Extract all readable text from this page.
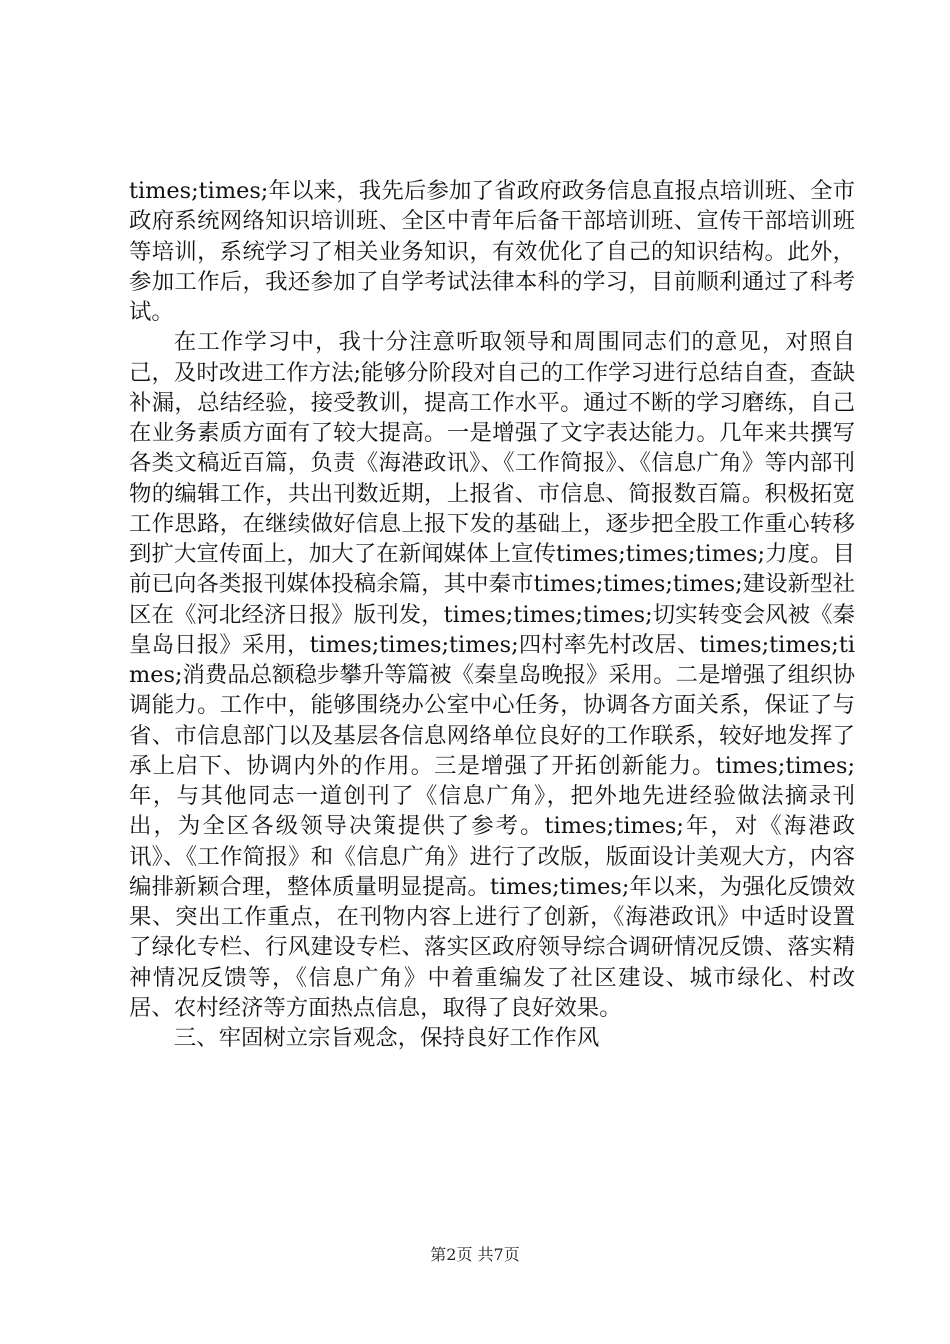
times;times;年以来，我先后参加了省政府政务信息直报点培训班、全市政府系统网络知识培训班、全区中青年后备干部培训班、宣传干部培训班等培训，系统学习了相关业务知识，有效优化了自己的知识结构。此外，参加工作后，我还参加了自学考试法律本科的学习，目前顺利通过了科考试。

在工作学习中，我十分注意听取领导和周围同志们的意见，对照自己，及时改进工作方法;能够分阶段对自己的工作学习进行总结自查，查缺补漏，总结经验，接受教训，提高工作水平。通过不断的学习磨练，自己在业务素质方面有了较大提高。一是增强了文字表达能力。几年来共撰写各类文稿近百篇，负责《海港政讯》、《工作简报》、《信息广角》等内部刊物的编辑工作，共出刊数近期，上报省、市信息、简报数百篇。积极拓宽工作思路，在继续做好信息上报下发的基础上，逐步把全股工作重心转移到扩大宣传面上，加大了在新闻媒体上宣传times;times;times;力度。目前已向各类报刊媒体投稿余篇，其中秦市times;times;times;建设新型社区在《河北经济日报》版刊发，times;times;times;切实转变会风被《秦皇岛日报》采用，times;times;times;四村率先村改居、times;times;times;消费品总额稳步攀升等篇被《秦皇岛晚报》采用。二是增强了组织协调能力。工作中，能够围绕办公室中心任务，协调各方面关系，保证了与省、市信息部门以及基层各信息网络单位良好的工作联系，较好地发挥了承上启下、协调内外的作用。三是增强了开拓创新能力。times;times;年，与其他同志一道创刊了《信息广角》，把外地先进经验做法摘录刊出，为全区各级领导决策提供了参考。times;times;年，对《海港政讯》、《工作简报》和《信息广角》进行了改版，版面设计美观大方，内容编排新颖合理，整体质量明显提高。times;times;年以来，为强化反馈效果、突出工作重点，在刊物内容上进行了创新，《海港政讯》中适时设置了绿化专栏、行风建设专栏、落实区政府领导综合调研情况反馈、落实精神情况反馈等，《信息广角》中着重编发了社区建设、城市绿化、村改居、农村经济等方面热点信息，取得了良好效果。

三、牢固树立宗旨观念，保持良好工作作风

第2页 共7页
